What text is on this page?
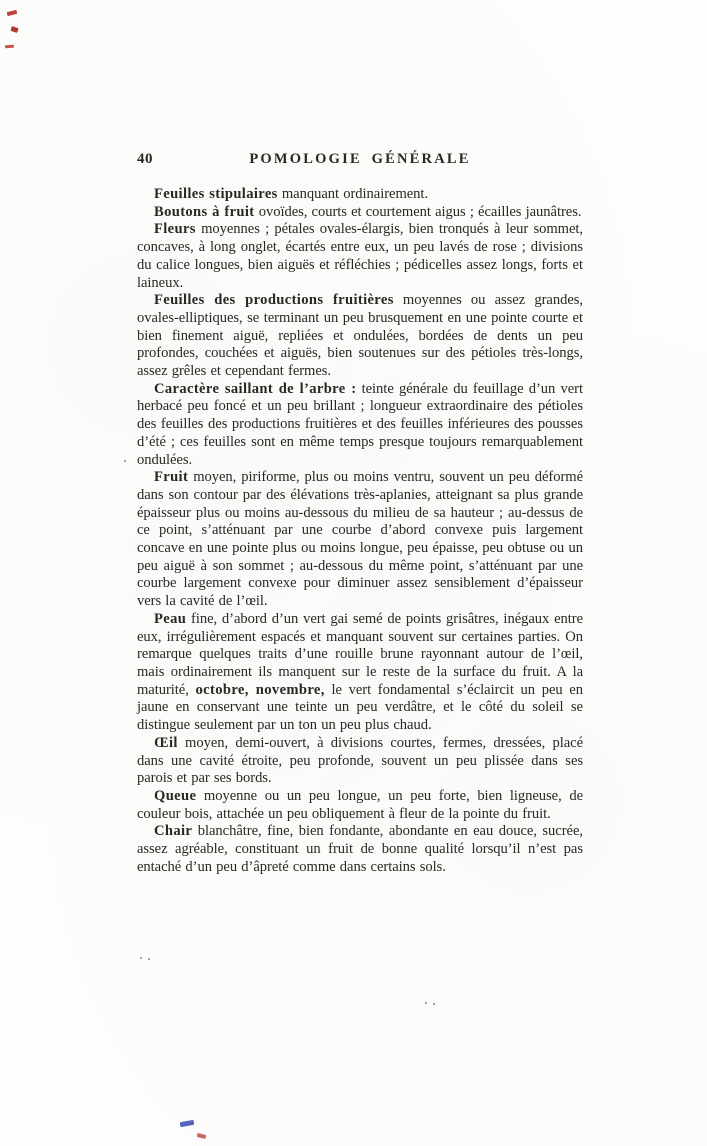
40	POMOLOGIE GÉNÉRALE

Feuilles stipulaires manquant ordinairement.

Boutons à fruit ovoïdes, courts et courtement aigus ; écailles jaunâtres.

Fleurs moyennes ; pétales ovales-élargis, bien tronqués à leur sommet, concaves, à long onglet, écartés entre eux, un peu lavés de rose ; divisions du calice longues, bien aiguës et réfléchies ; pédicelles assez longs, forts et laineux.

Feuilles des productions fruitières moyennes ou assez grandes, ovales-elliptiques, se terminant un peu brusquement en une pointe courte et bien finement aiguë, repliées et ondulées, bordées de dents un peu profondes, couchées et aiguës, bien soutenues sur des pétioles très-longs, assez grêles et cependant fermes.

Caractère saillant de l’arbre : teinte générale du feuillage d’un vert herbacé peu foncé et un peu brillant ; longueur extraordinaire des pétioles des feuilles des productions fruitières et des feuilles inférieures des pousses d’été ; ces feuilles sont en même temps presque toujours remarquablement ondulées.

Fruit moyen, piriforme, plus ou moins ventru, souvent un peu déformé dans son contour par des élévations très-aplanies, atteignant sa plus grande épaisseur plus ou moins au-dessous du milieu de sa hauteur ; au-dessus de ce point, s’atténuant par une courbe d’abord convexe puis largement concave en une pointe plus ou moins longue, peu épaisse, peu obtuse ou un peu aiguë à son sommet ; au-dessous du même point, s’atténuant par une courbe largement convexe pour diminuer assez sensiblement d’épaisseur vers la cavité de l’œil.

Peau fine, d’abord d’un vert gai semé de points grisâtres, inégaux entre eux, irrégulièrement espacés et manquant souvent sur certaines parties. On remarque quelques traits d’une rouille brune rayonnant autour de l’œil, mais ordinairement ils manquent sur le reste de la surface du fruit. A la maturité, octobre, novembre, le vert fondamental s’éclaircit un peu en jaune en conservant une teinte un peu verdâtre, et le côté du soleil se distingue seulement par un ton un peu plus chaud.

Œil moyen, demi-ouvert, à divisions courtes, fermes, dressées, placé dans une cavité étroite, peu profonde, souvent un peu plissée dans ses parois et par ses bords.

Queue moyenne ou un peu longue, un peu forte, bien ligneuse, de couleur bois, attachée un peu obliquement à fleur de la pointe du fruit.

Chair blanchâtre, fine, bien fondante, abondante en eau douce, sucrée, assez agréable, constituant un fruit de bonne qualité lorsqu’il n’est pas entaché d’un peu d’âpreté comme dans certains sols.
